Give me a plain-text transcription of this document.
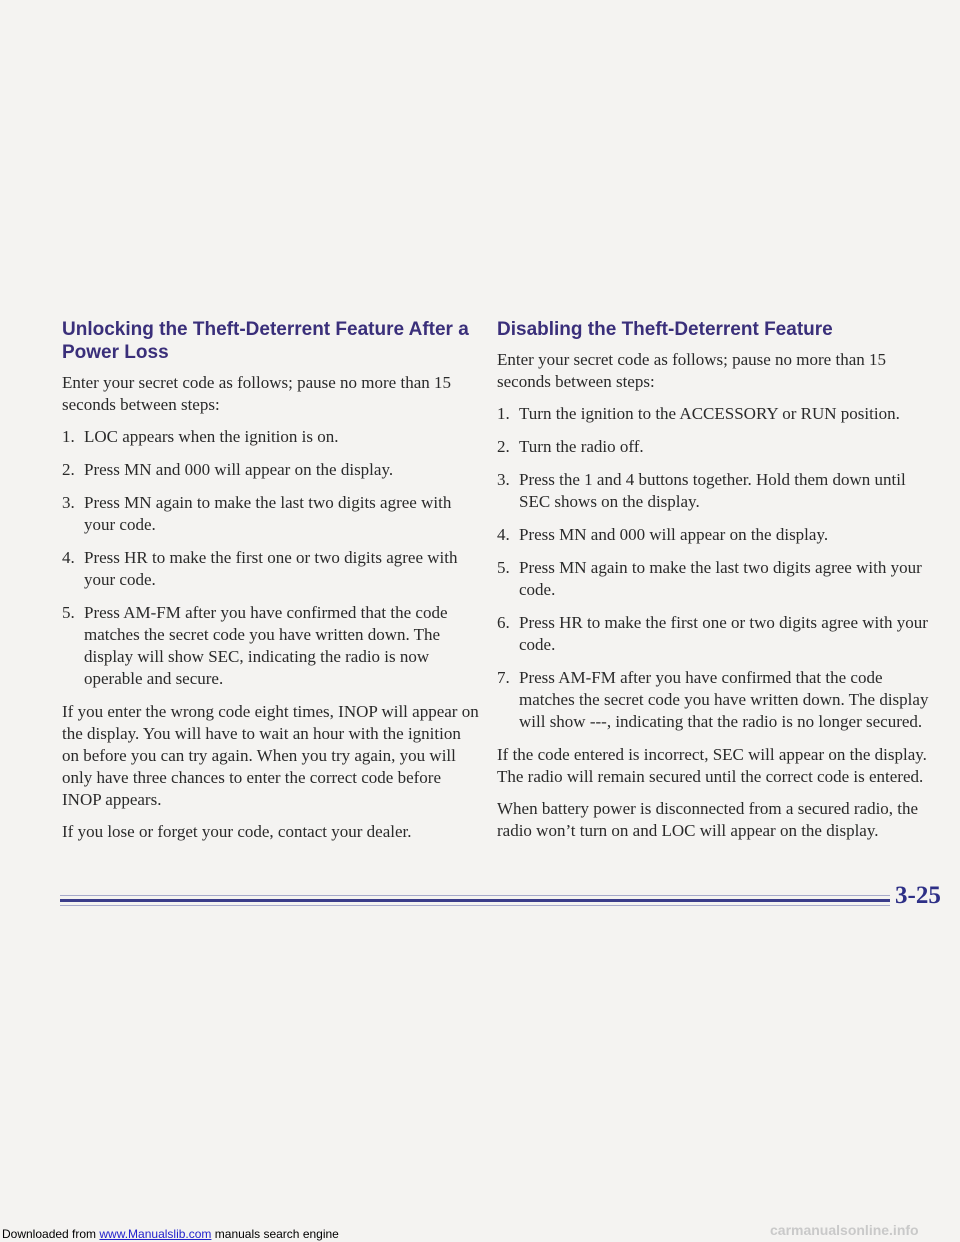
Unlocking the Theft-Deterrent Feature After a Power Loss

Enter your secret code as follows; pause no more than 15 seconds between steps:

1. LOC appears when the ignition is on.
2. Press MN and 000 will appear on the display.
3. Press MN again to make the last two digits agree with your code.
4. Press HR to make the first one or two digits agree with your code.
5. Press AM-FM after you have confirmed that the code matches the secret code you have written down. The display will show SEC, indicating the radio is now operable and secure.

If you enter the wrong code eight times, INOP will appear on the display. You will have to wait an hour with the ignition on before you can try again. When you try again, you will only have three chances to enter the correct code before INOP appears.

If you lose or forget your code, contact your dealer.

Disabling the Theft-Deterrent Feature

Enter your secret code as follows; pause no more than 15 seconds between steps:

1. Turn the ignition to the ACCESSORY or RUN position.
2. Turn the radio off.
3. Press the 1 and 4 buttons together. Hold them down until SEC shows on the display.
4. Press MN and 000 will appear on the display.
5. Press MN again to make the last two digits agree with your code.
6. Press HR to make the first one or two digits agree with your code.
7. Press AM-FM after you have confirmed that the code matches the secret code you have written down. The display will show ---, indicating that the radio is no longer secured.

If the code entered is incorrect, SEC will appear on the display. The radio will remain secured until the correct code is entered.

When battery power is disconnected from a secured radio, the radio won’t turn on and LOC will appear on the display.

3-25
Downloaded from www.Manualslib.com manuals search engine	carmanualsonline.info
